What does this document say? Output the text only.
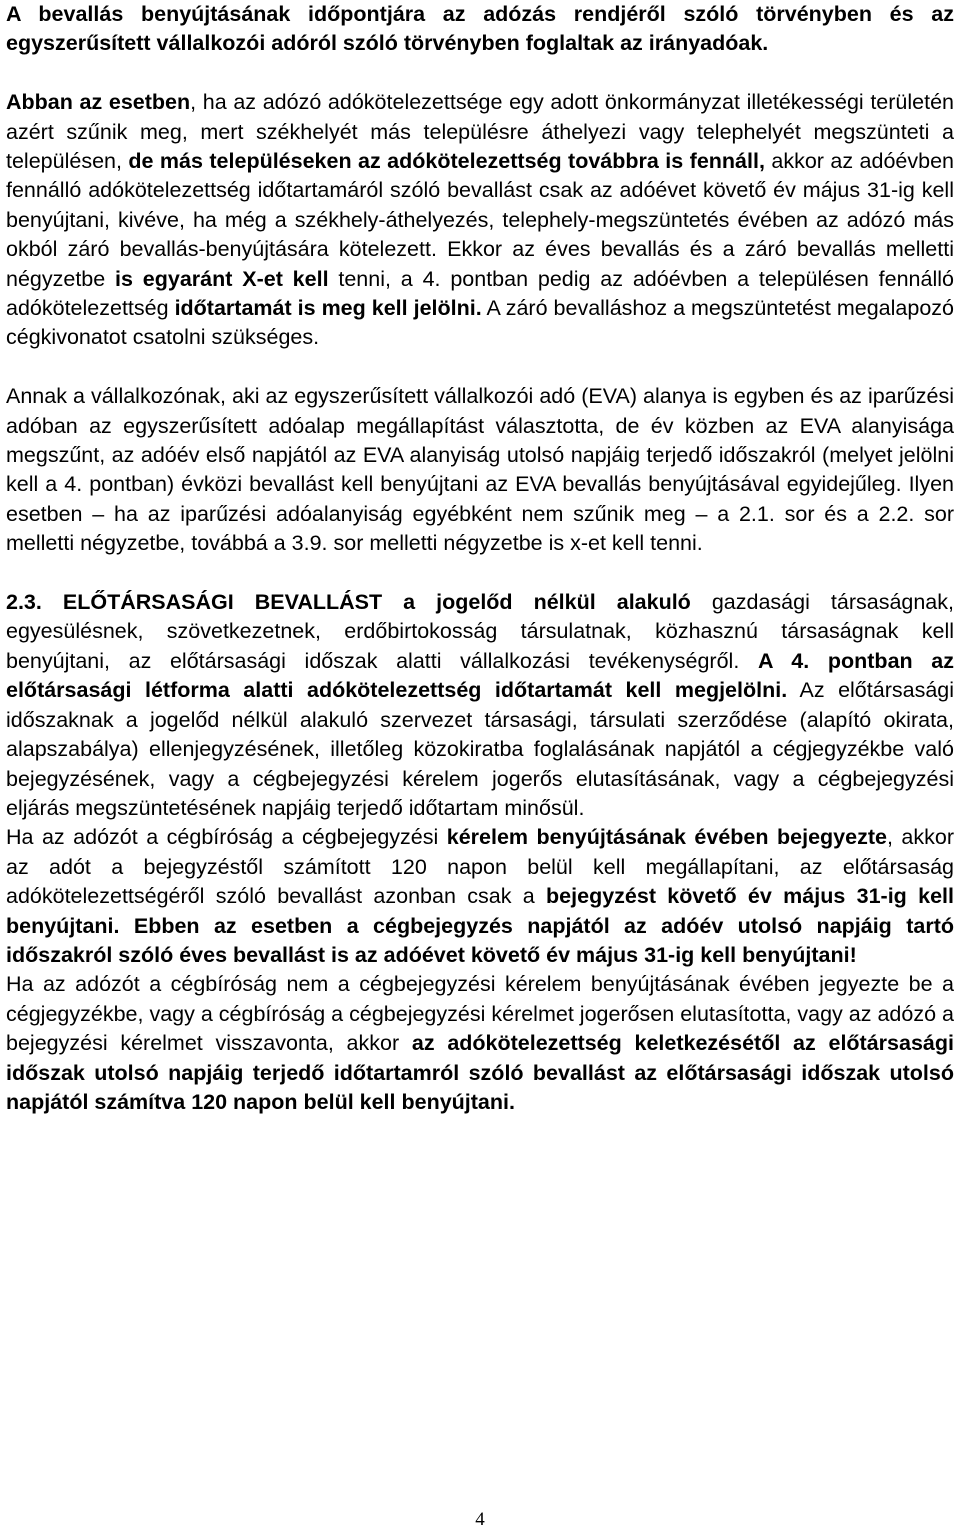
A bevallás benyújtásának időpontjára az adózás rendjéről szóló törvényben és az egyszerűsített vállalkozói adóról szóló törvényben foglaltak az irányadóak.

Abban az esetben, ha az adózó adókötelezettsége egy adott önkormányzat illetékességi területén azért szűnik meg, mert székhelyét más településre áthelyezi vagy telephelyét megszünteti a településen, de más településeken az adókötelezettség továbbra is fennáll, akkor az adóévben fennálló adókötelezettség időtartamáról szóló bevallást csak az adóévet követő év május 31-ig kell benyújtani, kivéve, ha még a székhely-áthelyezés, telephely-megszüntetés évében az adózó más okból záró bevallás-benyújtására kötelezett. Ekkor az éves bevallás és a záró bevallás melletti négyzetbe is egyaránt X-et kell tenni, a 4. pontban pedig az adóévben a településen fennálló adókötelezettség időtartamát is meg kell jelölni. A záró bevalláshoz a megszüntetést megalapozó cégkivonatot csatolni szükséges.

Annak a vállalkozónak, aki az egyszerűsített vállalkozói adó (EVA) alanya is egyben és az iparűzési adóban az egyszerűsített adóalap megállapítást választotta, de év közben az EVA alanyisága megszűnt, az adóév első napjától az EVA alanyiság utolsó napjáig terjedő időszakról (melyet jelölni kell a 4. pontban) évközi bevallást kell benyújtani az EVA bevallás benyújtásával egyidejűleg. Ilyen esetben – ha az iparűzési adóalanyiság egyébként nem szűnik meg – a 2.1. sor és a 2.2. sor melletti négyzetbe, továbbá a 3.9. sor melletti négyzetbe is x-et kell tenni.

2.3. ELŐTÁRSASÁGI BEVALLÁST a jogelőd nélkül alakuló gazdasági társaságnak, egyesülésnek, szövetkezetnek, erdőbirtokosság társulatnak, közhasznú társaságnak kell benyújtani, az előtársasági időszak alatti vállalkozási tevékenységről. A 4. pontban az előtársasági létforma alatti adókötelezettség időtartamát kell megjelölni. Az előtársasági időszaknak a jogelőd nélkül alakuló szervezet társasági, társulati szerződése (alapító okirata, alapszabálya) ellenjegyzésének, illetőleg közokiratba foglalásának napjától a cégjegyzékbe való bejegyzésének, vagy a cégbejegyzési kérelem jogerős elutasításának, vagy a cégbejegyzési eljárás megszüntetésének napjáig terjedő időtartam minősül.

Ha az adózót a cégbíróság a cégbejegyzési kérelem benyújtásának évében bejegyezte, akkor az adót a bejegyzéstől számított 120 napon belül kell megállapítani, az előtársaság adókötelezettségéről szóló bevallást azonban csak a bejegyzést követő év május 31-ig kell benyújtani. Ebben az esetben a cégbejegyzés napjától az adóév utolsó napjáig tartó időszakról szóló éves bevallást is az adóévet követő év május 31-ig kell benyújtani!

Ha az adózót a cégbíróság nem a cégbejegyzési kérelem benyújtásának évében jegyezte be a cégjegyzékbe, vagy a cégbíróság a cégbejegyzési kérelmet jogerősen elutasította, vagy az adózó a bejegyzési kérelmet visszavonta, akkor az adókötelezettség keletkezésétől az előtársasági időszak utolsó napjáig terjedő időtartamról szóló bevallást az előtársasági időszak utolsó napjától számítva 120 napon belül kell benyújtani.

4
